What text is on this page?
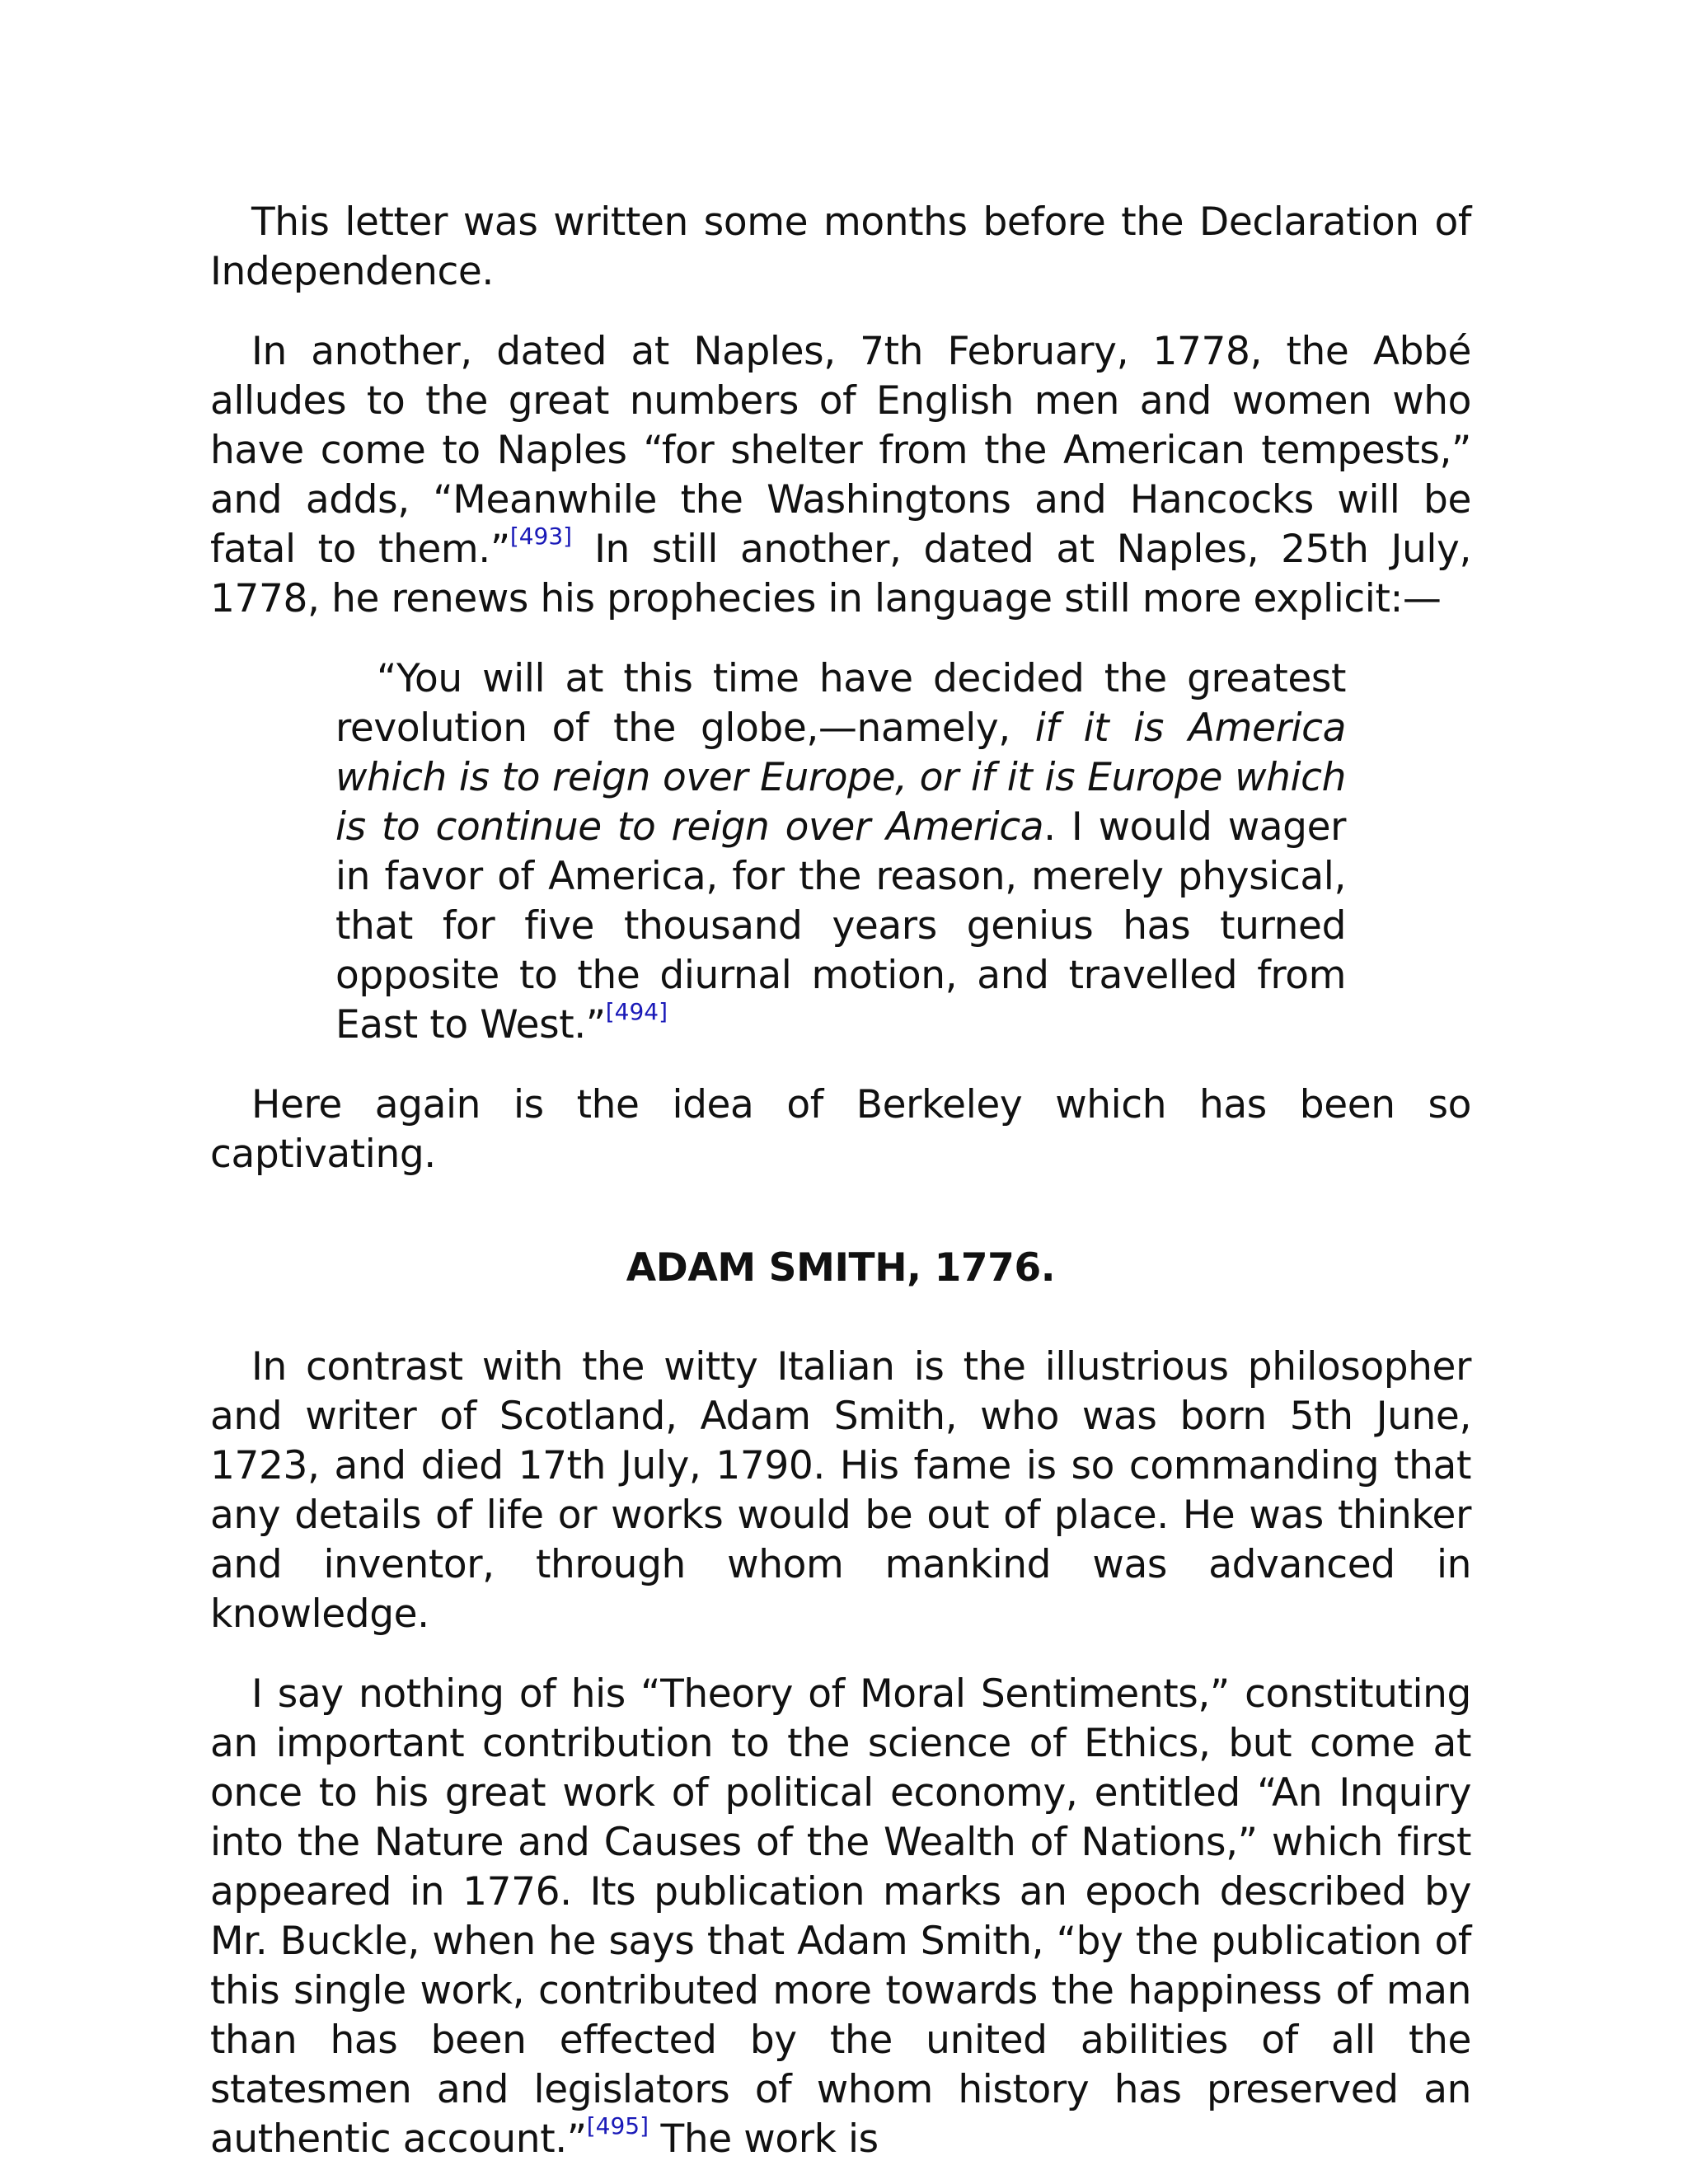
This letter was written some months before the Declaration of Independence.

In another, dated at Naples, 7th February, 1778, the Abbé alludes to the great numbers of English men and women who have come to Naples “for shelter from the American tempests,” and adds, “Meanwhile the Washingtons and Hancocks will be fatal to them.”[493] In still another, dated at Naples, 25th July, 1778, he renews his prophecies in language still more explicit:—

“You will at this time have decided the greatest revolution of the globe,—namely, if it is America which is to reign over Europe, or if it is Europe which is to continue to reign over America. I would wager in favor of America, for the reason, merely physical, that for five thousand years genius has turned opposite to the diurnal motion, and travelled from East to West.”[494]

Here again is the idea of Berkeley which has been so captivating.

ADAM SMITH, 1776.

In contrast with the witty Italian is the illustrious philosopher and writer of Scotland, Adam Smith, who was born 5th June, 1723, and died 17th July, 1790. His fame is so commanding that any details of life or works would be out of place. He was thinker and inventor, through whom mankind was advanced in knowledge.

I say nothing of his “Theory of Moral Sentiments,” constituting an important contribution to the science of Ethics, but come at once to his great work of political economy, entitled “An Inquiry into the Nature and Causes of the Wealth of Nations,” which first appeared in 1776. Its publication marks an epoch described by Mr. Buckle, when he says that Adam Smith, “by the publication of this single work, contributed more towards the happiness of man than has been effected by the united abilities of all the statesmen and legislators of whom history has preserved an authentic account.”[495] The work is
